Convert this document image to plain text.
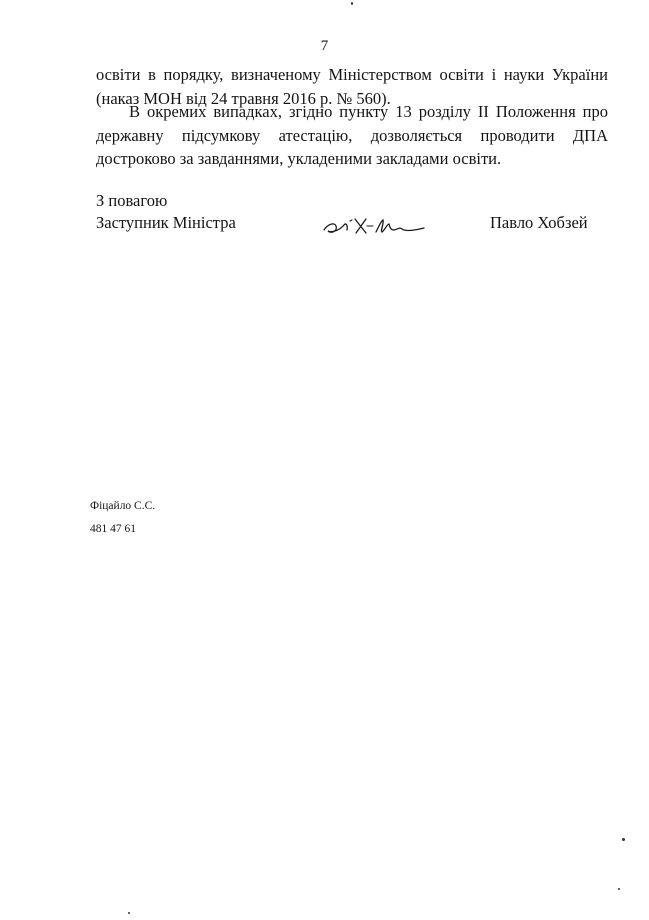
7
освіти в порядку, визначеному Міністерством освіти і науки України
(наказ МОН від 24 травня 2016 р. № 560).
В окремих випадках, згідно пункту 13 розділу ІІ Положення про
державну підсумкову атестацію, дозволяється проводити ДПА
достроково за завданнями, укладеними закладами освіти.
З повагою
Заступник Міністра	Павло Хобзей
Фіцайло С.С.
481 47 61
